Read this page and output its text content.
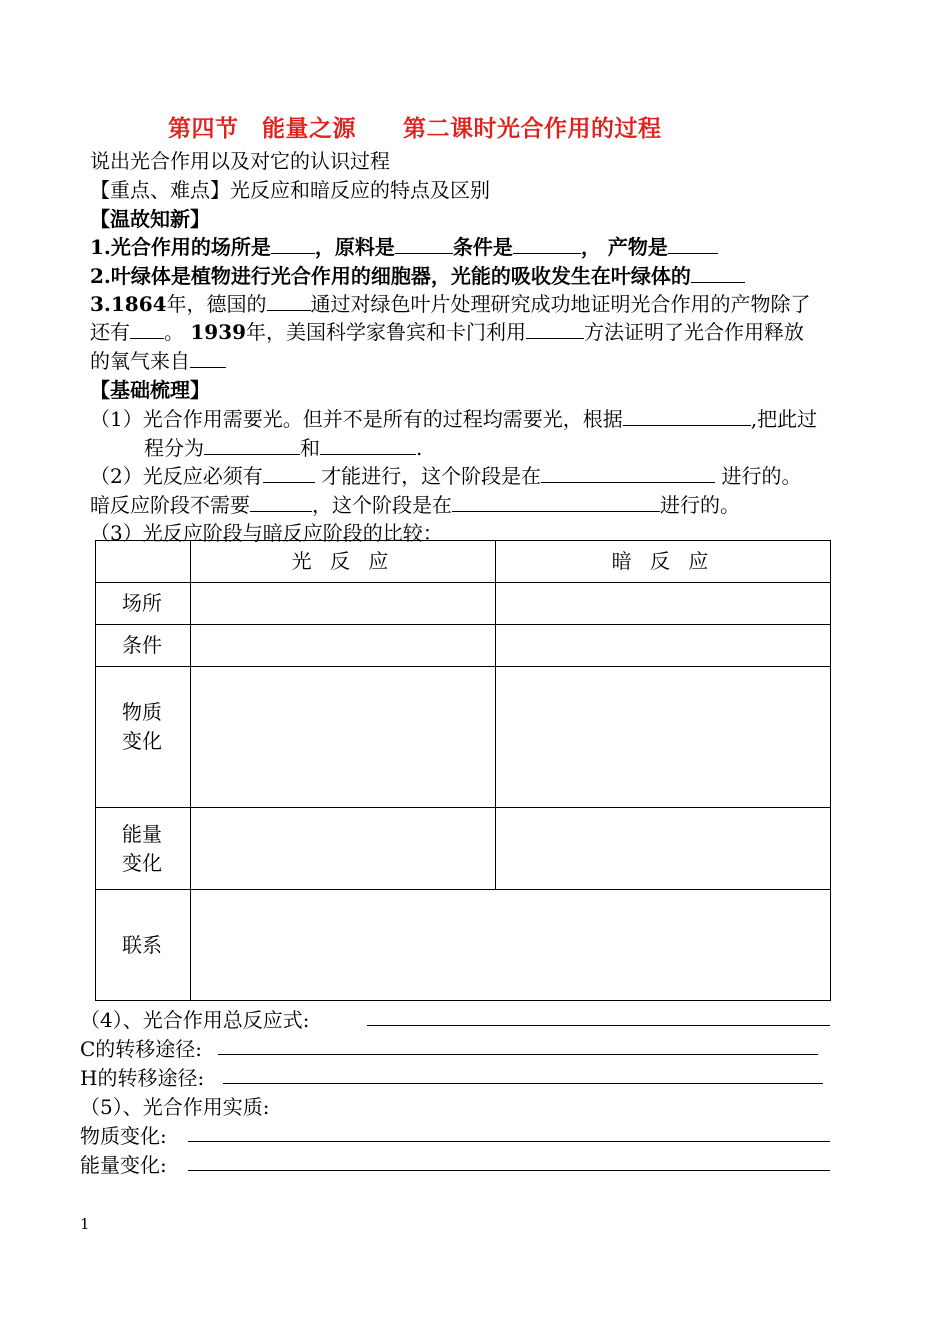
第四节　能量之源　　第二课时光合作用的过程
说出光合作用以及对它的认识过程
【重点、难点】光反应和暗反应的特点及区别
【温故知新】
1.光合作用的场所是 ，原料是	条件是	， 产物是
2.叶绿体是植物进行光合作用的细胞器，光能的吸收发生在叶绿体的
3.1864年，德国的 通过对绿色叶片处理研究成功地证明光合作用的产物除了
还有 。 1939年，美国科学家鲁宾和卡门利用	方法证明了光合作用释放
的氧气来自
【基础梳理】
（1）光合作用需要光。但并不是所有的过程均需要光，根据	,把此过
程分为	和	.
（2）光反应必须有	才能进行，这个阶段是在	进行的。
暗反应阶段不需要	，这个阶段是在	进行的。
（3）光反应阶段与暗反应阶段的比较：
	光 反 应	暗 反 应
场所		
条件		

物质
变化		

能量
变化		

联系		
（4）、光合作用总反应式:
C的转移途径:
H的转移途径:
（5）、光合作用实质:
物质变化:
能量变化:
1
